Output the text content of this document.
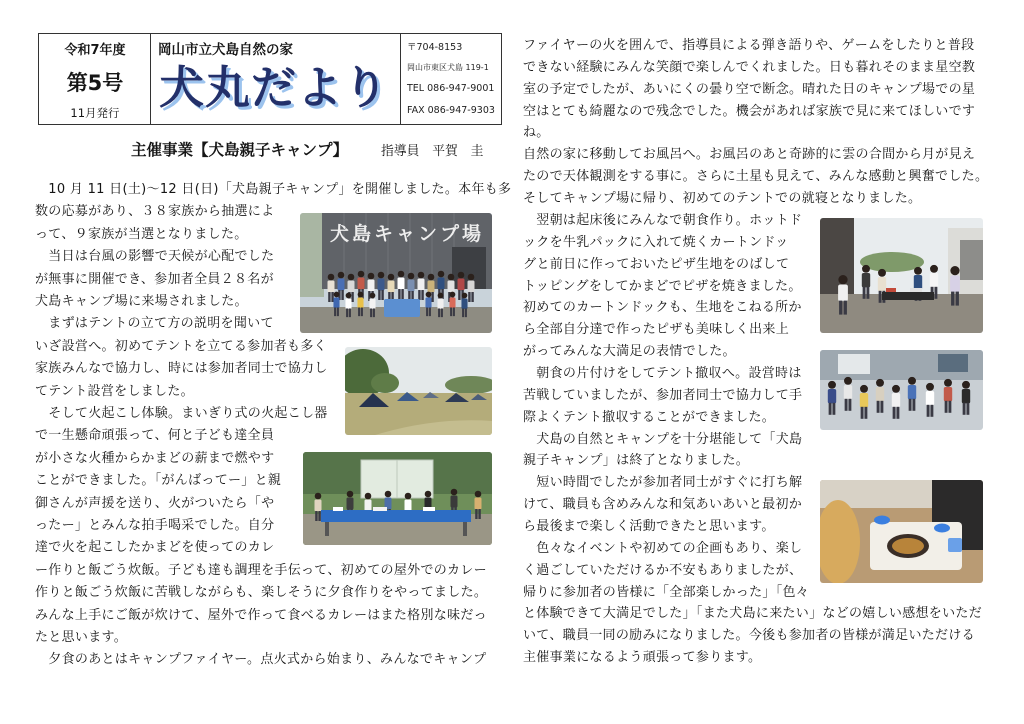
令和7年度
第5号
11月発行
岡山市立犬島自然の家
犬丸だより
〒704-8153
岡山市東区犬島 119-1
TEL 086-947-9001
FAX 086-947-9303
主催事業【犬島親子キャンプ】	指導員　平賀　圭
　10 月 11 日(土)～12 日(日)「犬島親子キャンプ」を開催しました。本年も多
数の応募があり、３８家族から抽選によ
って、９家族が当選となりました。
　当日は台風の影響で天候が心配でした
が無事に開催でき、参加者全員２８名が
犬島キャンプ場に来場されました。
　まずはテントの立て方の説明を聞いて
いざ設営へ。初めてテントを立てる参加者も多く
家族みんなで協力し、時には参加者同士で協力し
てテント設営をしました。
　そして火起こし体験。まいぎり式の火起こし器
で一生懸命頑張って、何と子ども達全員
が小さな火種からかまどの薪まで燃やす
ことができました。「がんばってー」と親
御さんが声援を送り、火がついたら「や
ったー」とみんな拍手喝采でした。自分
達で火を起こしたかまどを使ってのカレ
ー作りと飯ごう炊飯。子ども達も調理を手伝って、初めての屋外でのカレー
作りと飯ごう炊飯に苦戦しながらも、楽しそうに夕食作りをやってました。
みんな上手にご飯が炊けて、屋外で作って食べるカレーはまた格別な味だっ
たと思います。
　夕食のあとはキャンプファイヤー。点火式から始まり、みんなでキャンプ
ファイヤーの火を囲んで、指導員による弾き語りや、ゲームをしたりと普段
できない経験にみんな笑顔で楽しんでくれました。日も暮れそのまま星空教
室の予定でしたが、あいにくの曇り空で断念。晴れた日のキャンプ場での星
空はとても綺麗なので残念でした。機会があれば家族で見に来てほしいです
ね。
自然の家に移動してお風呂へ。お風呂のあと奇跡的に雲の合間から月が見え
たので天体観測をする事に。さらに土星も見えて、みんな感動と興奮でした。
そしてキャンプ場に帰り、初めてのテントでの就寝となりました。
　翌朝は起床後にみんなで朝食作り。ホットド
ックを牛乳パックに入れて焼くカートンドッ
グと前日に作っておいたピザ生地をのばして
トッピングをしてかまどでピザを焼きました。
初めてのカートンドックも、生地をこねる所か
ら全部自分達で作ったピザも美味しく出来上
がってみんな大満足の表情でした。
　朝食の片付けをしてテント撤収へ。設営時は
苦戦していましたが、参加者同士で協力して手
際よくテント撤収することができました。
　犬島の自然とキャンプを十分堪能して「犬島
親子キャンプ」は終了となりました。
　短い時間でしたが参加者同士がすぐに打ち解
けて、職員も含めみんな和気あいあいと最初か
ら最後まで楽しく活動できたと思います。
　色々なイベントや初めての企画もあり、楽し
く過ごしていただけるか不安もありましたが、
帰りに参加者の皆様に「全部楽しかった」「色々
と体験できて大満足でした」「また犬島に来たい」などの嬉しい感想をいただ
いて、職員一同の励みになりました。今後も参加者の皆様が満足いただける
主催事業になるよう頑張って参ります。
犬島キャンプ場
